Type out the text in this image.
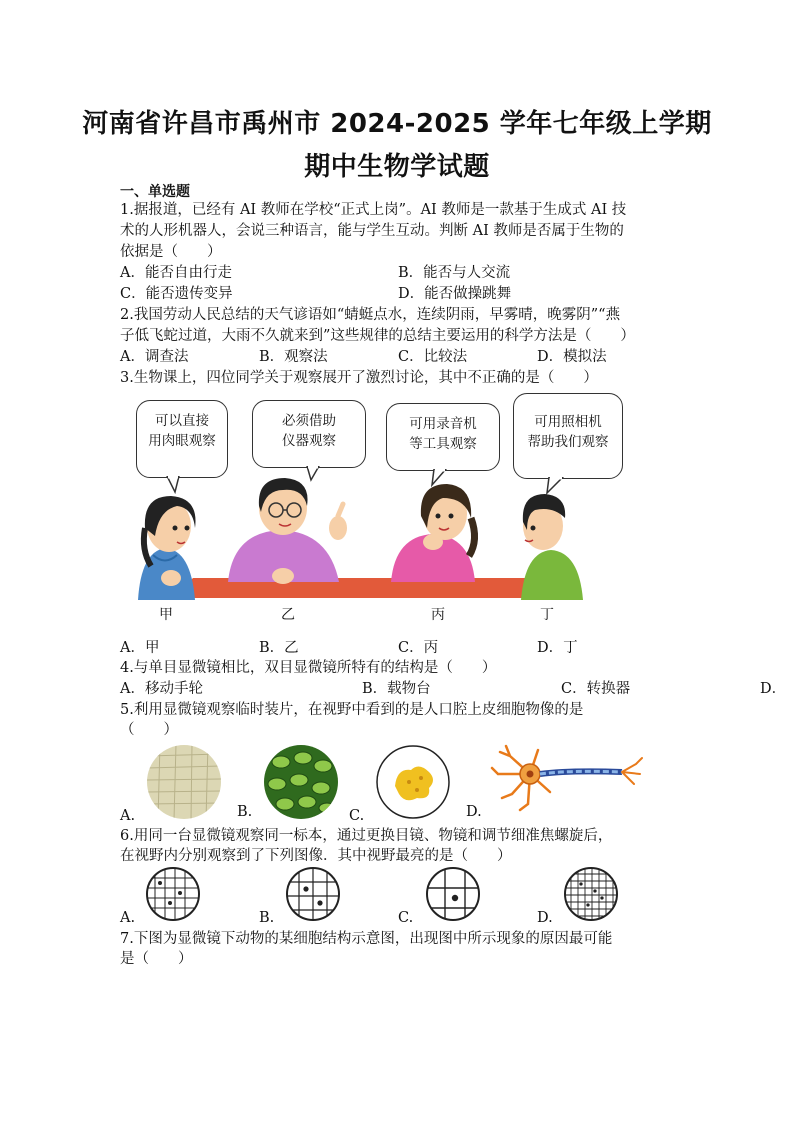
河南省许昌市禹州市 2024-2025 学年七年级上学期
期中生物学试题
一、单选题
1.据报道，已经有 AI 教师在学校“正式上岗”。AI 教师是一款基于生成式 AI 技
术的人形机器人，会说三种语言，能与学生互动。判断 AI 教师是否属于生物的
依据是（　　）
A．能否自由行走	B．能否与人交流
C．能否遗传变异	D．能否做操跳舞
2.我国劳动人民总结的天气谚语如“蜻蜓点水，连续阴雨，早雾晴，晚雾阴”“燕
子低飞蛇过道，大雨不久就来到”这些规律的总结主要运用的科学方法是（　　）
A．调查法	B．观察法	C．比较法	D．模拟法
3.生物课上，四位同学关于观察展开了激烈讨论，其中不正确的是（　　）
可以直接
用肉眼观察
必须借助
仪器观察
可用录音机
等工具观察
可用照相机
帮助我们观察
甲	乙	丙	丁
A．甲	B．乙	C．丙	D．丁
4.与单目显微镜相比，双目显微镜所特有的结构是（　　）
A．移动手轮	B．载物台	C．转换器	D．
5.利用显微镜观察临时装片，在视野中看到的是人口腔上皮细胞物像的是
（　　）
A.	B.	C.	D.
6.用同一台显微镜观察同一标本，通过更换目镜、物镜和调节细准焦螺旋后，
在视野内分别观察到了下列图像．其中视野最亮的是（　　）
A.	B.	C.	D.
7.下图为显微镜下动物的某细胞结构示意图，出现图中所示现象的原因最可能
是（　　）
